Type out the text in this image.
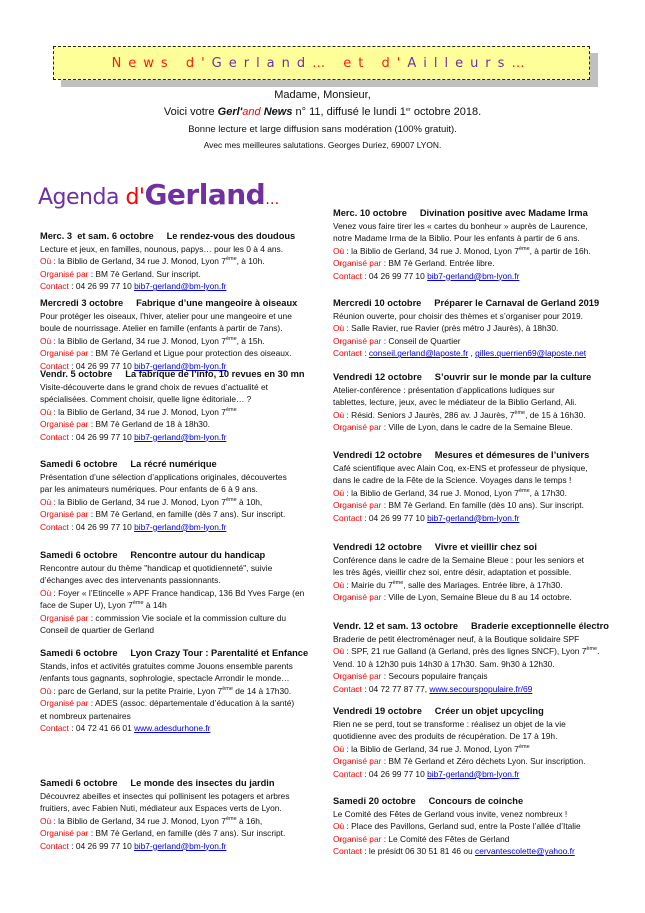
News d' Gerland … et d' Ailleurs …
Madame, Monsieur,
Voici votre Gerl'and News n° 11, diffusé le lundi 1er octobre 2018.
Bonne lecture et large diffusion sans modération (100% gratuit).
Avec mes meilleures salutations. Georges Duriez, 69007 LYON.
Agenda d'Gerland…
Merc. 3  et sam. 6 octobre Le rendez-vous des doudous
Lecture et jeux, en familles, nounous, papys… pour les 0 à 4 ans.
Où : la Biblio de Gerland, 34 rue J. Monod, Lyon 7ème, à 10h.
Organisé par : BM 7è Gerland. Sur inscript.
Contact : 04 26 99 77 10 bib7-gerland@bm-lyon.fr
Mercredi 3 octobre Fabrique d’une mangeoire à oiseaux
Pour protéger les oiseaux, l’hiver, atelier pour une mangeoire et une
boule de nourrissage. Atelier en famille (enfants à partir de 7ans).
Où : la Biblio de Gerland, 34 rue J. Monod, Lyon 7ème, à 15h.
Organisé par : BM 7è Gerland et Ligue pour protection des oiseaux.
Contact : 04 26 99 77 10 bib7-gerland@bm-lyon.fr
Vendr. 5 octobre La fabrique de l’info, 10 revues en 30 mn
Visite-découverte dans le grand choix de revues d’actualité et
spécialisées. Comment choisir, quelle ligne éditoriale… ?
Où : la Biblio de Gerland, 34 rue J. Monod, Lyon 7ème
Organisé par : BM 7è Gerland de 18 à 18h30.
Contact : 04 26 99 77 10 bib7-gerland@bm-lyon.fr
Samedi 6 octobre La récré numérique
Présentation d’une sélection d’applications originales, découvertes
par les animateurs numériques. Pour enfants de 6 à 9 ans.
Où : la Biblio de Gerland, 34 rue J. Monod, Lyon 7ème à 10h,
Organisé par : BM 7è Gerland, en famille (dès 7 ans). Sur inscript.
Contact : 04 26 99 77 10 bib7-gerland@bm-lyon.fr
Samedi 6 octobre Rencontre autour du handicap
Rencontre autour du thème "handicap et quotidienneté", suivie
d’échanges avec des intervenants passionnants.
Où : Foyer « l’Etincelle » APF France handicap, 136 Bd Yves Farge (en
face de Super U), Lyon 7ème à 14h
Organisé par : commission Vie sociale et la commission culture du
Conseil de quartier de Gerland
Samedi 6 octobre Lyon Crazy Tour : Parentalité et Enfance
Stands, infos et activités gratuites comme Jouons ensemble parents
/enfants tous gagnants, sophrologie, spectacle Arrondir le monde…
Où : parc de Gerland, sur la petite Prairie, Lyon 7ème de 14 à 17h30.
Organisé par : ADES (assoc. départementale d’éducation à la santé)
et nombreux partenaires
Contact : 04 72 41 66 01 www.adesdurhone.fr
Samedi 6 octobre Le monde des insectes du jardin
Découvrez abeilles et insectes qui pollinisent les potagers et arbres
fruitiers, avec Fabien Nuti, médiateur aux Espaces verts de Lyon.
Où : la Biblio de Gerland, 34 rue J. Monod, Lyon 7ème à 16h,
Organisé par : BM 7è Gerland, en famille (dès 7 ans). Sur inscript.
Contact : 04 26 99 77 10 bib7-gerland@bm-lyon.fr
Merc. 10 octobre Divination positive avec Madame Irma
Venez vous faire tirer les « cartes du bonheur » auprès de Laurence,
notre Madame Irma de la Biblio. Pour les enfants à partir de 6 ans.
Où : la Biblio de Gerland, 34 rue J. Monod, Lyon 7ème, à partir de 16h.
Organisé par : BM 7è Gerland. Entrée libre.
Contact : 04 26 99 77 10 bib7-gerland@bm-lyon.fr
Mercredi 10 octobre Préparer le Carnaval de Gerland 2019
Réunion ouverte, pour choisir des thèmes et s’organiser pour 2019.
Où : Salle Ravier, rue Ravier (près métro J Jaurès), à 18h30.
Organisé par : Conseil de Quartier
Contact : conseil.gerland@laposte.fr , gilles.querrien69@laposte.net
Vendredi 12 octobre S’ouvrir sur le monde par la culture
Atelier-conférence : présentation d’applications ludiques sur
tablettes, lecture, jeux, avec le médiateur de la Biblio Gerland, Ali.
Où : Résid. Seniors J Jaurès, 286 av. J Jaurès, 7ème, de 15 à 16h30.
Organisé par : Ville de Lyon, dans le cadre de la Semaine Bleue.
Vendredi 12 octobre Mesures et démesures de l’univers
Café scientifique avec Alain Coq, ex-ENS et professeur de physique,
dans le cadre de la Fête de la Science. Voyages dans le temps !
Où : la Biblio de Gerland, 34 rue J. Monod, Lyon 7ème, à 17h30.
Organisé par : BM 7è Gerland. En famille (dès 10 ans). Sur inscript.
Contact : 04 26 99 77 10 bib7-gerland@bm-lyon.fr
Vendredi 12 octobre Vivre et vieillir chez soi
Conférence dans le cadre de la Semaine Bleue : pour les seniors et
les très âgés, vieillir chez soi, entre désir, adaptation et possible.
Où : Mairie du 7ème, salle des Mariages. Entrée libre, à 17h30.
Organisé par : Ville de Lyon, Semaine Bleue du 8 au 14 octobre.
Vendr. 12 et sam. 13 octobre Braderie exceptionnelle électro
Braderie de petit électroménager neuf, à la Boutique solidaire SPF
Où : SPF, 21 rue Galland (à Gerland, près des lignes SNCF), Lyon 7ème.
Vend. 10 à 12h30 puis 14h30 à 17h30. Sam. 9h30 à 12h30.
Organisé par : Secours populaire français
Contact : 04 72 77 87 77, www.secourspopulaire.fr/69
Vendredi 19 octobre Créer un objet upcycling
Rien ne se perd, tout se transforme : réalisez un objet de la vie
quotidienne avec des produits de récupération. De 17 à 19h.
Où : la Biblio de Gerland, 34 rue J. Monod, Lyon 7ème
Organisé par : BM 7è Gerland et Zéro déchets Lyon. Sur inscription.
Contact : 04 26 99 77 10 bib7-gerland@bm-lyon.fr
Samedi 20 octobre Concours de coinche
Le Comité des Fêtes de Gerland vous invite, venez nombreux !
Où : Place des Pavillons, Gerland sud, entre la Poste l’allée d’Italie
Organisé par : Le Comité des Fêtes de Gerland
Contact : le présidt 06 30 51 81 46 ou cervantescolette@yahoo.fr
